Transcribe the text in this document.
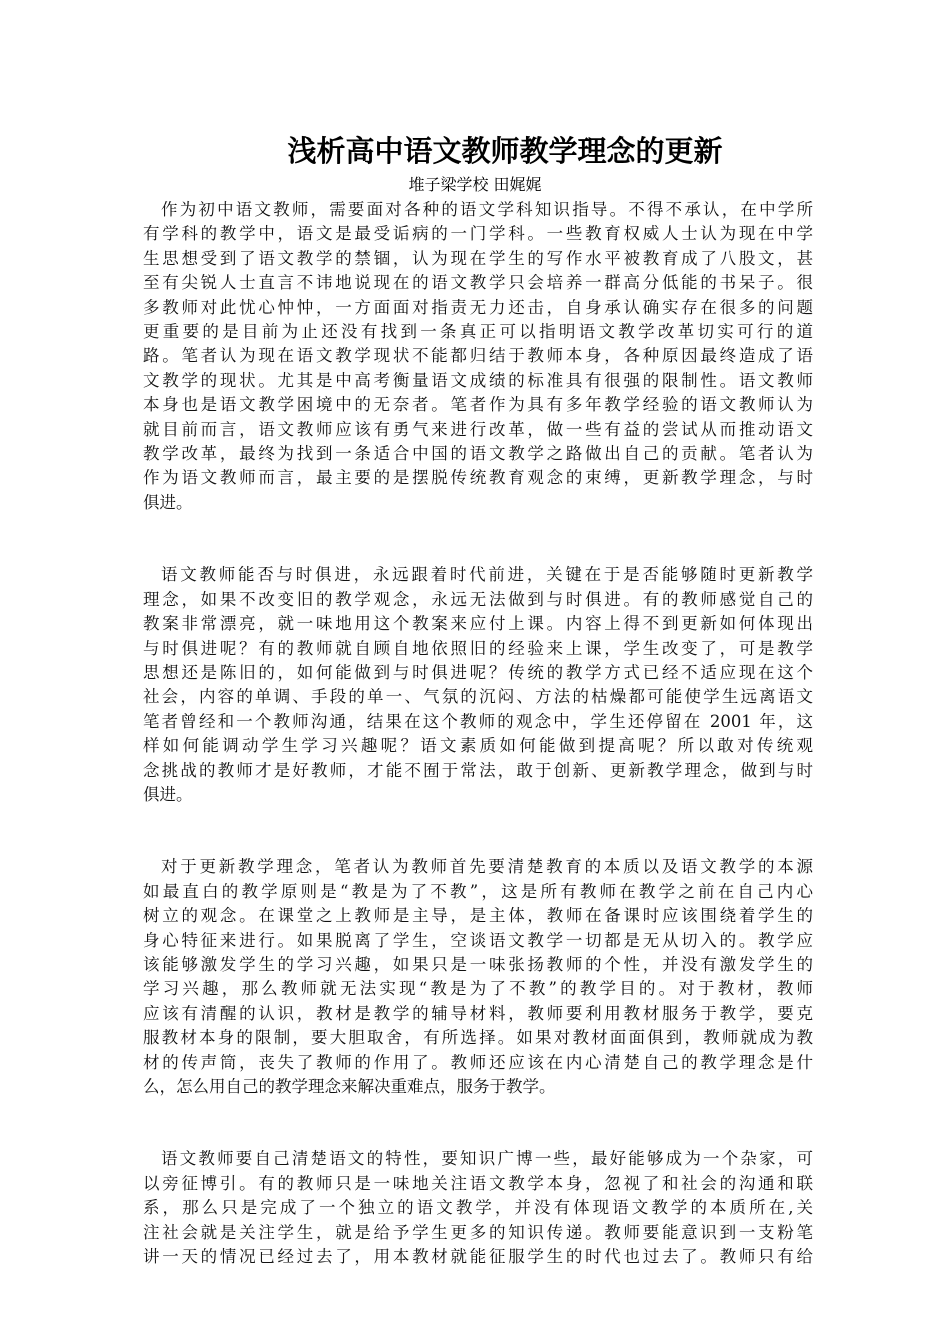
浅析高中语文教师教学理念的更新
堆子梁学校 田娓娓
作为初中语文教师，需要面对各种的语文学科知识指导。不得不承认，在中学所
有学科的教学中，语文是最受诟病的一门学科。一些教育权威人士认为现在中学
生思想受到了语文教学的禁锢，认为现在学生的写作水平被教育成了八股文，甚
至有尖锐人士直言不讳地说现在的语文教学只会培养一群高分低能的书呆子。很
多教师对此忧心忡忡，一方面面对指责无力还击，自身承认确实存在很多的问题
更重要的是目前为止还没有找到一条真正可以指明语文教学改革切实可行的道
路。笔者认为现在语文教学现状不能都归结于教师本身，各种原因最终造成了语
文教学的现状。尤其是中高考衡量语文成绩的标准具有很强的限制性。语文教师
本身也是语文教学困境中的无奈者。笔者作为具有多年教学经验的语文教师认为
就目前而言，语文教师应该有勇气来进行改革，做一些有益的尝试从而推动语文
教学改革，最终为找到一条适合中国的语文教学之路做出自己的贡献。笔者认为
作为语文教师而言，最主要的是摆脱传统教育观念的束缚，更新教学理念，与时
俱进。
语文教师能否与时俱进，永远跟着时代前进，关键在于是否能够随时更新教学
理念，如果不改变旧的教学观念，永远无法做到与时俱进。有的教师感觉自己的
教案非常漂亮，就一味地用这个教案来应付上课。内容上得不到更新如何体现出
与时俱进呢？有的教师就自顾自地依照旧的经验来上课，学生改变了，可是教学
思想还是陈旧的，如何能做到与时俱进呢？传统的教学方式已经不适应现在这个
社会，内容的单调、手段的单一、气氛的沉闷、方法的枯燥都可能使学生远离语文
笔者曾经和一个教师沟通，结果在这个教师的观念中，学生还停留在 2001 年，这
样如何能调动学生学习兴趣呢？语文素质如何能做到提高呢？所以敢对传统观
念挑战的教师才是好教师，才能不囿于常法，敢于创新、更新教学理念，做到与时
俱进。
对于更新教学理念，笔者认为教师首先要清楚教育的本质以及语文教学的本源
如最直白的教学原则是“教是为了不教”，这是所有教师在教学之前在自己内心
树立的观念。在课堂之上教师是主导，是主体，教师在备课时应该围绕着学生的
身心特征来进行。如果脱离了学生，空谈语文教学一切都是无从切入的。教学应
该能够激发学生的学习兴趣，如果只是一味张扬教师的个性，并没有激发学生的
学习兴趣，那么教师就无法实现“教是为了不教”的教学目的。对于教材，教师
应该有清醒的认识，教材是教学的辅导材料，教师要利用教材服务于教学，要克
服教材本身的限制，要大胆取舍，有所选择。如果对教材面面俱到，教师就成为教
材的传声筒，丧失了教师的作用了。教师还应该在内心清楚自己的教学理念是什
么，怎么用自己的教学理念来解决重难点，服务于教学。
语文教师要自己清楚语文的特性，要知识广博一些，最好能够成为一个杂家，可
以旁征博引。有的教师只是一味地关注语文教学本身，忽视了和社会的沟通和联
系，那么只是完成了一个独立的语文教学，并没有体现语文教学的本质所在,关
注社会就是关注学生，就是给予学生更多的知识传递。教师要能意识到一支粉笔
讲一天的情况已经过去了，用本教材就能征服学生的时代也过去了。教师只有给
